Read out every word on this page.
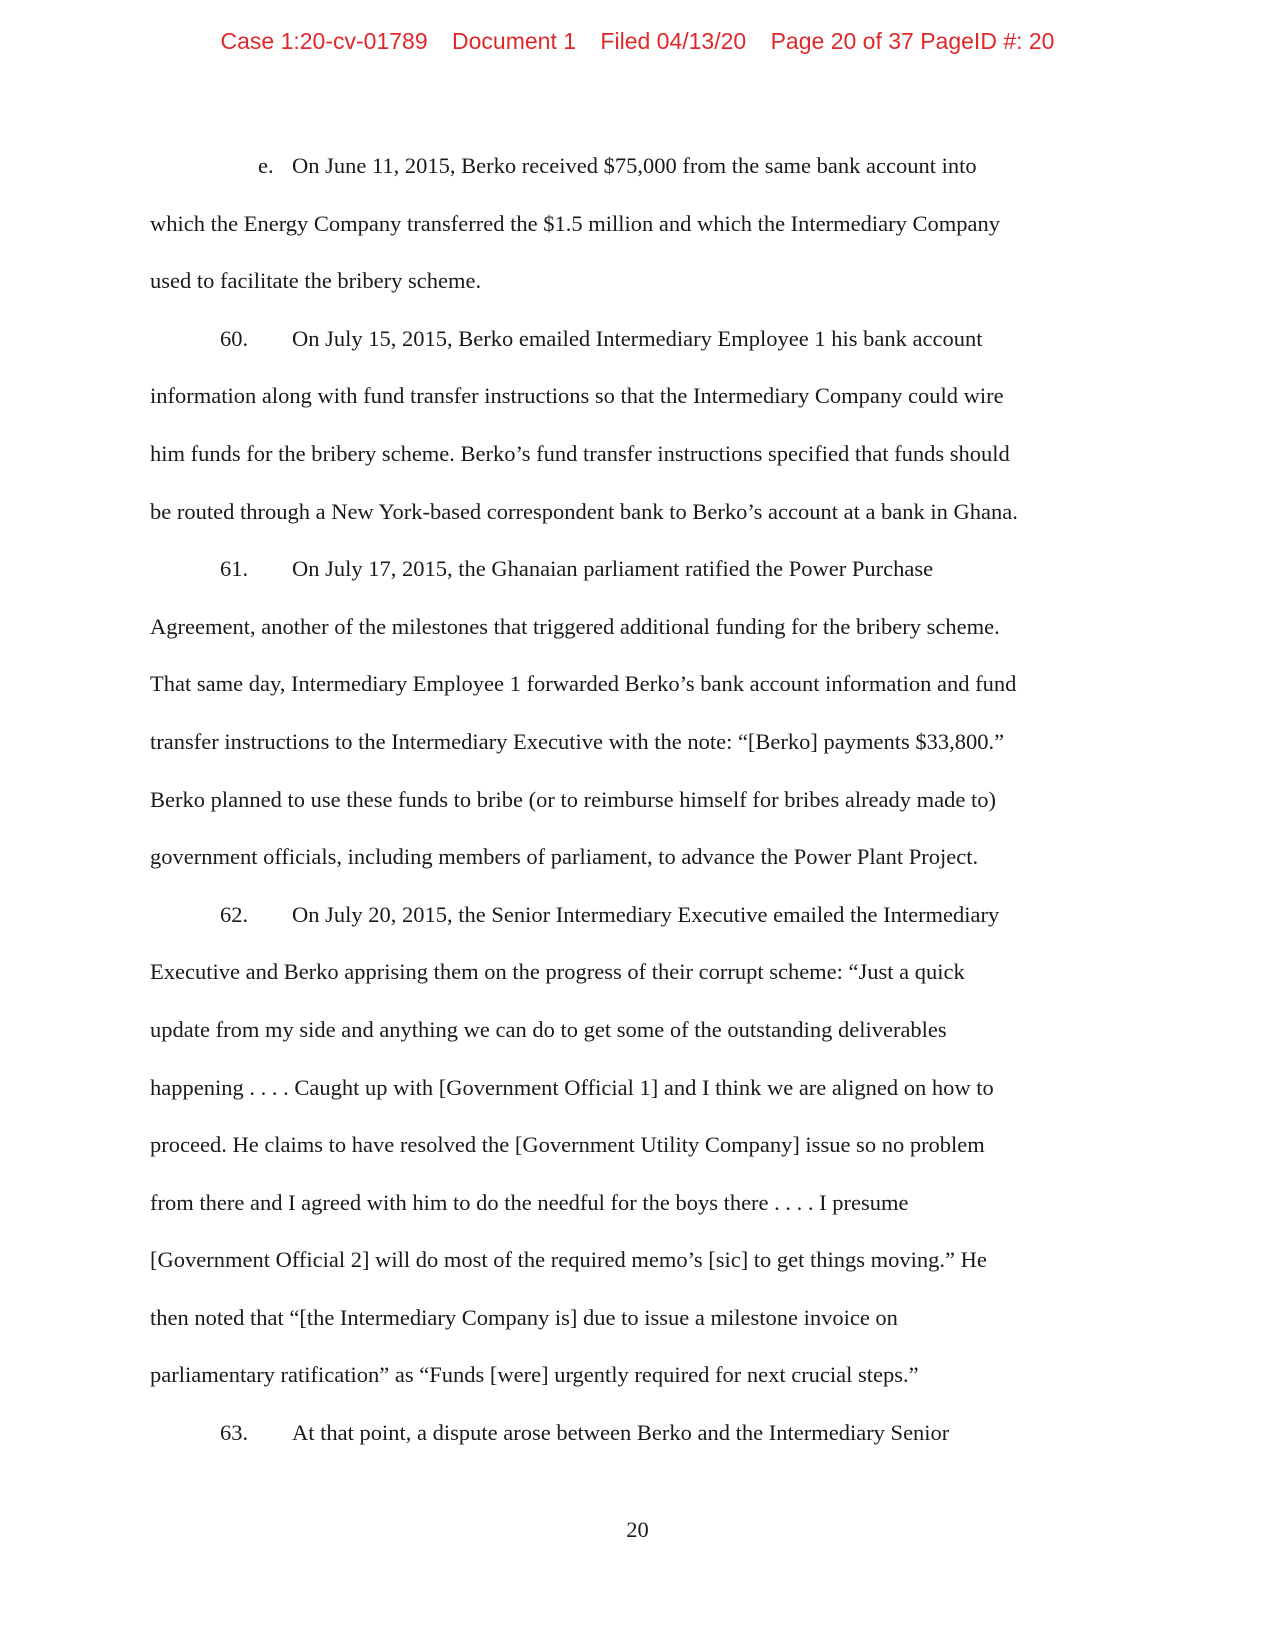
Case 1:20-cv-01789 Document 1 Filed 04/13/20 Page 20 of 37 PageID #: 20
e. On June 11, 2015, Berko received $75,000 from the same bank account into
which the Energy Company transferred the $1.5 million and which the Intermediary Company
used to facilitate the bribery scheme.
60. On July 15, 2015, Berko emailed Intermediary Employee 1 his bank account
information along with fund transfer instructions so that the Intermediary Company could wire
him funds for the bribery scheme. Berko’s fund transfer instructions specified that funds should
be routed through a New York-based correspondent bank to Berko’s account at a bank in Ghana.
61. On July 17, 2015, the Ghanaian parliament ratified the Power Purchase
Agreement, another of the milestones that triggered additional funding for the bribery scheme.
That same day, Intermediary Employee 1 forwarded Berko’s bank account information and fund
transfer instructions to the Intermediary Executive with the note: “[Berko] payments $33,800.”
Berko planned to use these funds to bribe (or to reimburse himself for bribes already made to)
government officials, including members of parliament, to advance the Power Plant Project.
62. On July 20, 2015, the Senior Intermediary Executive emailed the Intermediary
Executive and Berko apprising them on the progress of their corrupt scheme: “Just a quick
update from my side and anything we can do to get some of the outstanding deliverables
happening . . . . Caught up with [Government Official 1] and I think we are aligned on how to
proceed. He claims to have resolved the [Government Utility Company] issue so no problem
from there and I agreed with him to do the needful for the boys there . . . . I presume
[Government Official 2] will do most of the required memo’s [sic] to get things moving.” He
then noted that “[the Intermediary Company is] due to issue a milestone invoice on
parliamentary ratification” as “Funds [were] urgently required for next crucial steps.”
63. At that point, a dispute arose between Berko and the Intermediary Senior
20
